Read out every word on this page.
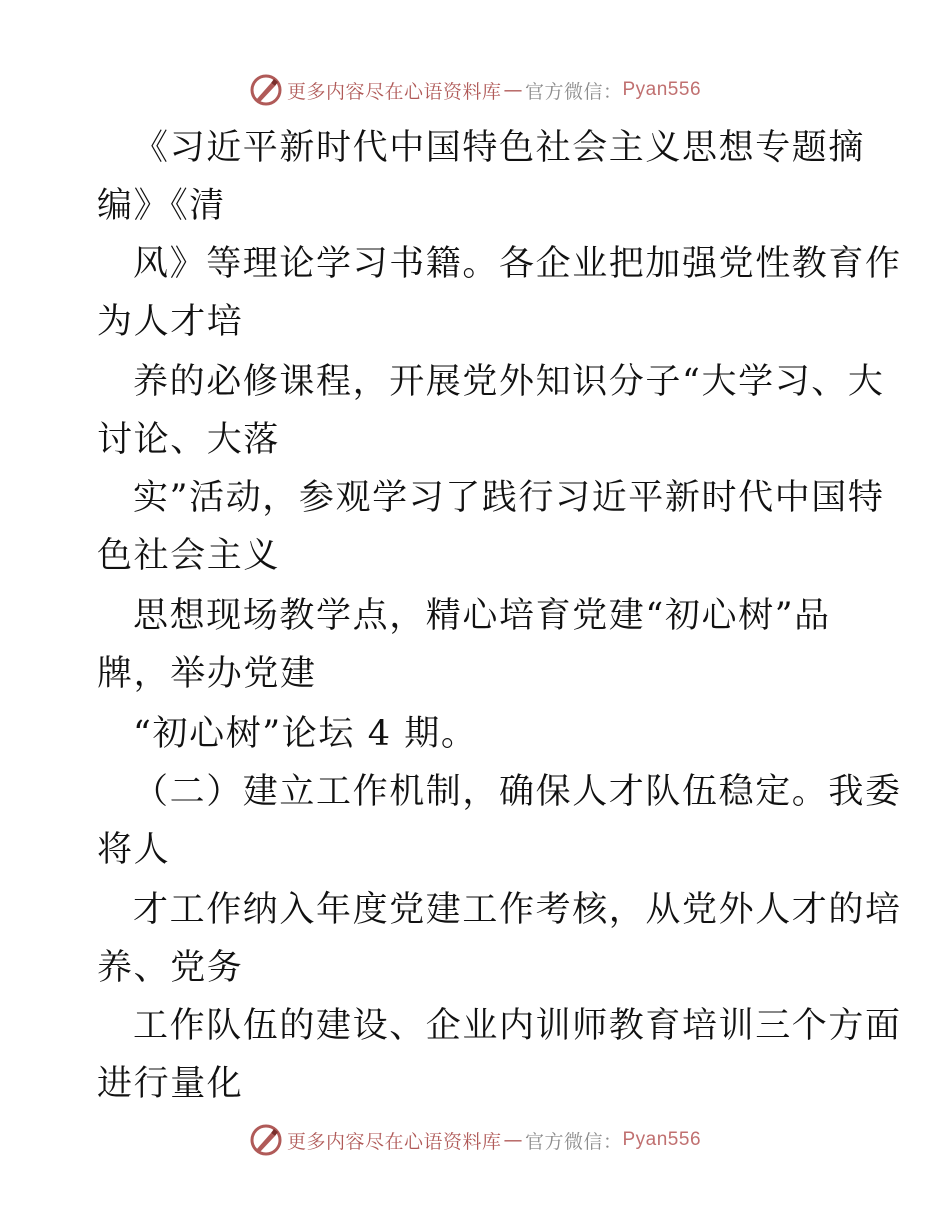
更多内容尽在心语资料库 — 官方微信： Pyan556
《习近平新时代中国特色社会主义思想专题摘
编》《清
风》等理论学习书籍。各企业把加强党性教育作
为人才培
养的必修课程，开展党外知识分子“大学习、大
讨论、大落
实”活动，参观学习了践行习近平新时代中国特
色社会主义
思想现场教学点，精心培育党建“初心树”品
牌，举办党建
“初心树”论坛 4 期。
（二）建立工作机制，确保人才队伍稳定。我委
将人
才工作纳入年度党建工作考核，从党外人才的培
养、党务
工作队伍的建设、企业内训师教育培训三个方面
进行量化
更多内容尽在心语资料库 — 官方微信： Pyan556
